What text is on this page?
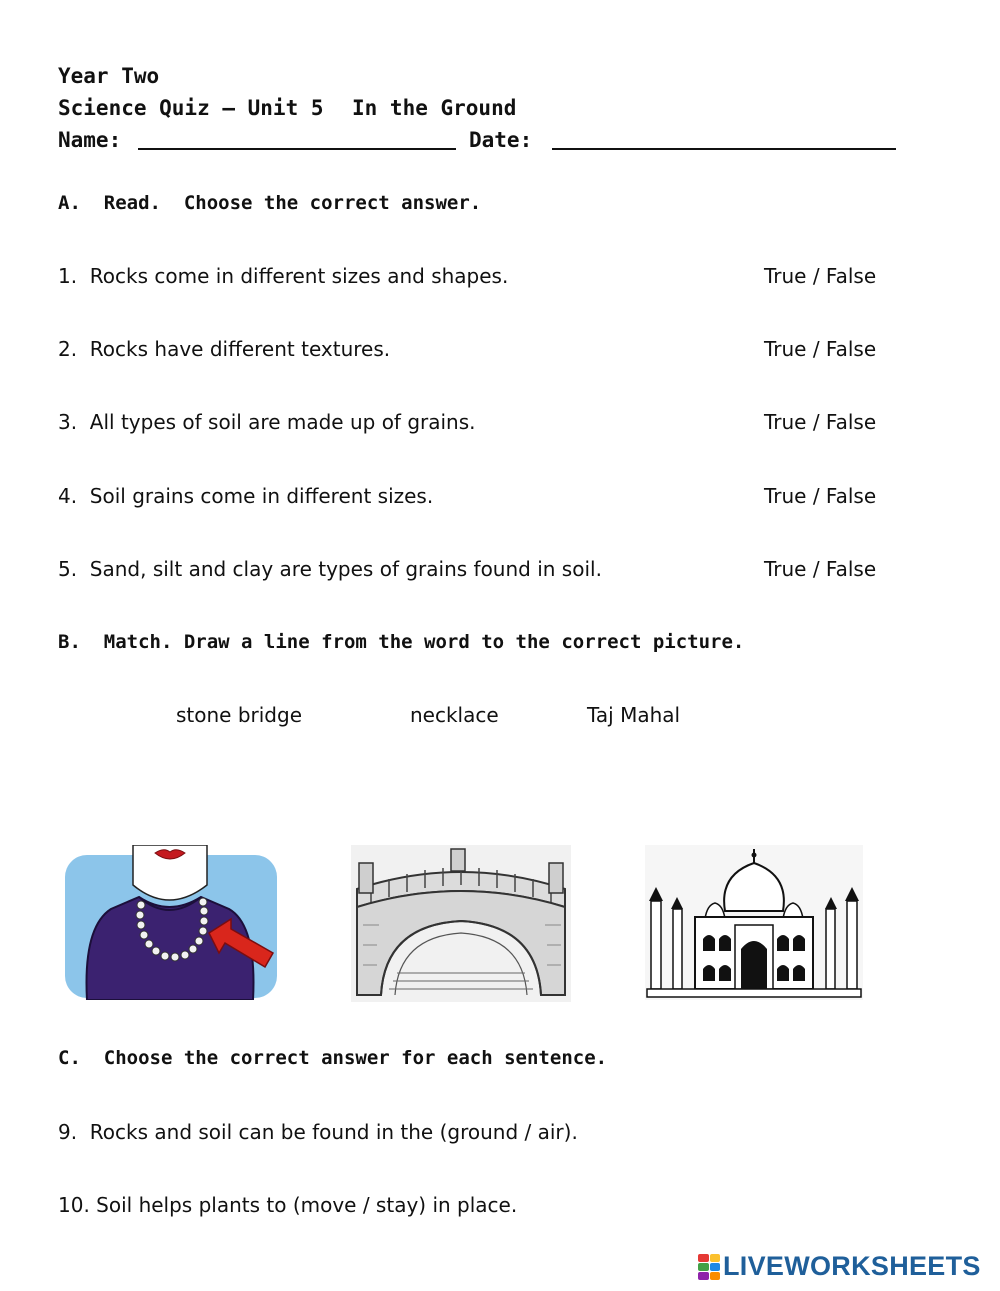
Year Two
Science Quiz – Unit 5 In the Ground
Name:	Date:
A.  Read.  Choose the correct answer.
1.  Rocks come in different sizes and shapes.	True / False
2.  Rocks have different textures.	True / False
3.  All types of soil are made up of grains.	True / False
4.  Soil grains come in different sizes.	True / False
5.  Sand, silt and clay are types of grains found in soil.	True / False
B.  Match. Draw a line from the word to the correct picture.
stone bridge	necklace	Taj Mahal
C.  Choose the correct answer for each sentence.
9.  Rocks and soil can be found in the (ground / air).
10. Soil helps plants to (move / stay) in place.
LIVEWORKSHEETS
